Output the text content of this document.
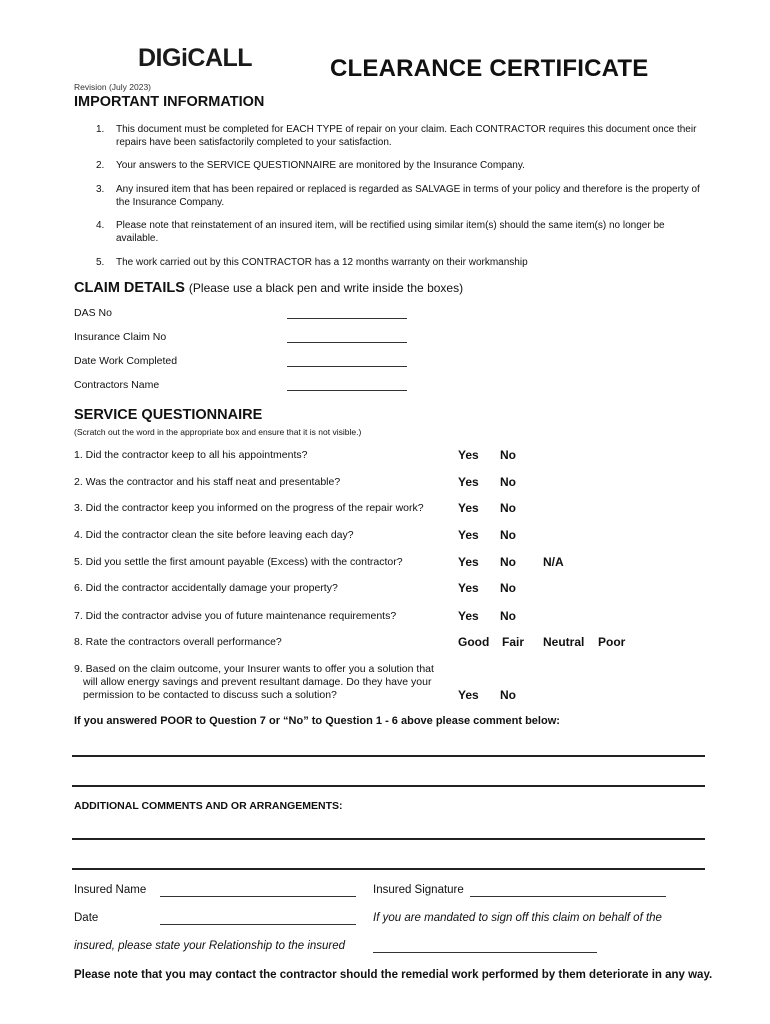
DIGiCALL	CLEARANCE CERTIFICATE
Revision (July 2023)
IMPORTANT INFORMATION
1. This document must be completed for EACH TYPE of repair on your claim. Each CONTRACTOR requires this document once their repairs have been satisfactorily completed to your satisfaction.
2. Your answers to the SERVICE QUESTIONNAIRE are monitored by the Insurance Company.
3. Any insured item that has been repaired or replaced is regarded as SALVAGE in terms of your policy and therefore is the property of the Insurance Company.
4. Please note that reinstatement of an insured item, will be rectified using similar item(s) should the same item(s) no longer be available.
5. The work carried out by this CONTRACTOR has a 12 months warranty on their workmanship
CLAIM DETAILS (Please use a black pen and write inside the boxes)
DAS No
Insurance Claim No
Date Work Completed
Contractors Name
SERVICE QUESTIONNAIRE
(Scratch out the word in the appropriate box and ensure that it is not visible.)
1. Did the contractor keep to all his appointments?	Yes No
2. Was the contractor and his staff neat and presentable?	Yes No
3. Did the contractor keep you informed on the progress of the repair work?	Yes No
4. Did the contractor clean the site before leaving each day?	Yes No
5. Did you settle the first amount payable (Excess) with the contractor?	Yes No N/A
6. Did the contractor accidentally damage your property?	Yes No
7. Did the contractor advise you of future maintenance requirements?	Yes No
8. Rate the contractors overall performance?	Good Fair Neutral Poor
9. Based on the claim outcome, your Insurer wants to offer you a solution that
will allow energy savings and prevent resultant damage. Do they have your
permission to be contacted to discuss such a solution?	Yes No
If you answered POOR to Question 7 or “No” to Question 1 - 6 above please comment below:
ADDITIONAL COMMENTS AND OR ARRANGEMENTS:
Insured Name	Insured Signature
Date	If you are mandated to sign off this claim on behalf of the
insured, please state your Relationship to the insured
Please note that you may contact the contractor should the remedial work performed by them deteriorate in any way.
